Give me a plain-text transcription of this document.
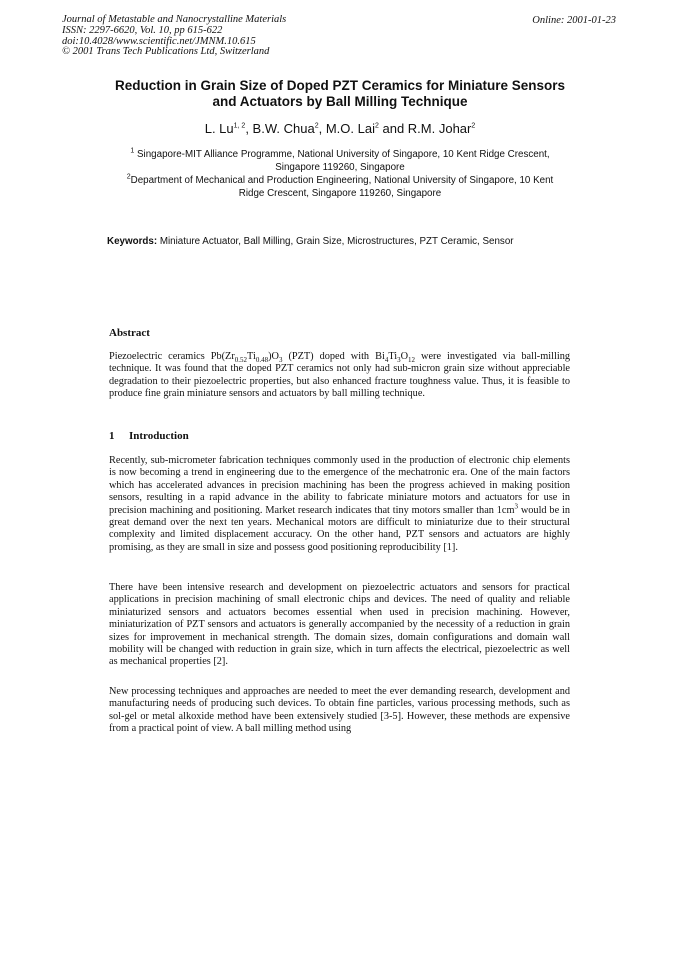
Journal of Metastable and Nanocrystalline Materials
ISSN: 2297-6620, Vol. 10, pp 615-622
doi:10.4028/www.scientific.net/JMNM.10.615
© 2001 Trans Tech Publications Ltd, Switzerland
Online: 2001-01-23
Reduction in Grain Size of Doped PZT Ceramics for Miniature Sensors
and Actuators by Ball Milling Technique
L. Lu$^{1, 2}$, B.W. Chua$^2$, M.O. Lai$^2$ and R.M. Johar$^2$
$^1$ Singapore-MIT Alliance Programme, National University of Singapore, 10 Kent Ridge Crescent,
Singapore 119260, Singapore
$^2$Department of Mechanical and Production Engineering, National University of Singapore, 10 Kent
Ridge Crescent, Singapore 119260, Singapore
Keywords: Miniature Actuator, Ball Milling, Grain Size, Microstructures, PZT Ceramic, Sensor
Abstract

Piezoelectric ceramics $Pb(Zr_{0.52}Ti_{0.48})O_3$ (PZT) doped with $Bi_4Ti_3O_{12}$ were investigated via ball-milling technique. It was found that the doped PZT ceramics not only had sub-micron grain size without appreciable degradation to their piezoelectric properties, but also enhanced fracture toughness value. Thus, it is feasible to produce fine grain miniature sensors and actuators by ball milling technique.

1 Introduction

Recently, sub-micrometer fabrication techniques commonly used in the production of electronic chip elements is now becoming a trend in engineering due to the emergence of the mechatronic era. One of the main factors which has accelerated advances in precision machining has been the progress achieved in making position sensors, resulting in a rapid advance in the ability to fabricate miniature motors and actuators for use in precision machining and positioning. Market research indicates that tiny motors smaller than $1cm^3$ would be in great demand over the next ten years. Mechanical motors are difficult to miniaturize due to their structural complexity and limited displacement accuracy. On the other hand, PZT sensors and actuators are highly promising, as they are small in size and possess good positioning reproducibility [1].

There have been intensive research and development on piezoelectric actuators and sensors for practical applications in precision machining of small electronic chips and devices. The need of quality and reliable miniaturized sensors and actuators becomes essential when used in precision machining. However, miniaturization of PZT sensors and actuators is generally accompanied by the necessity of a reduction in grain sizes for improvement in mechanical strength. The domain sizes, domain configurations and domain wall mobility will be changed with reduction in grain size, which in turn affects the electrical, piezoelectric as well as mechanical properties [2].

New processing techniques and approaches are needed to meet the ever demanding research, development and manufacturing needs of producing such devices. To obtain fine particles, various processing methods, such as sol-gel or metal alkoxide method have been extensively studied [3-5]. However, these methods are expensive from a practical point of view. A ball milling method using
